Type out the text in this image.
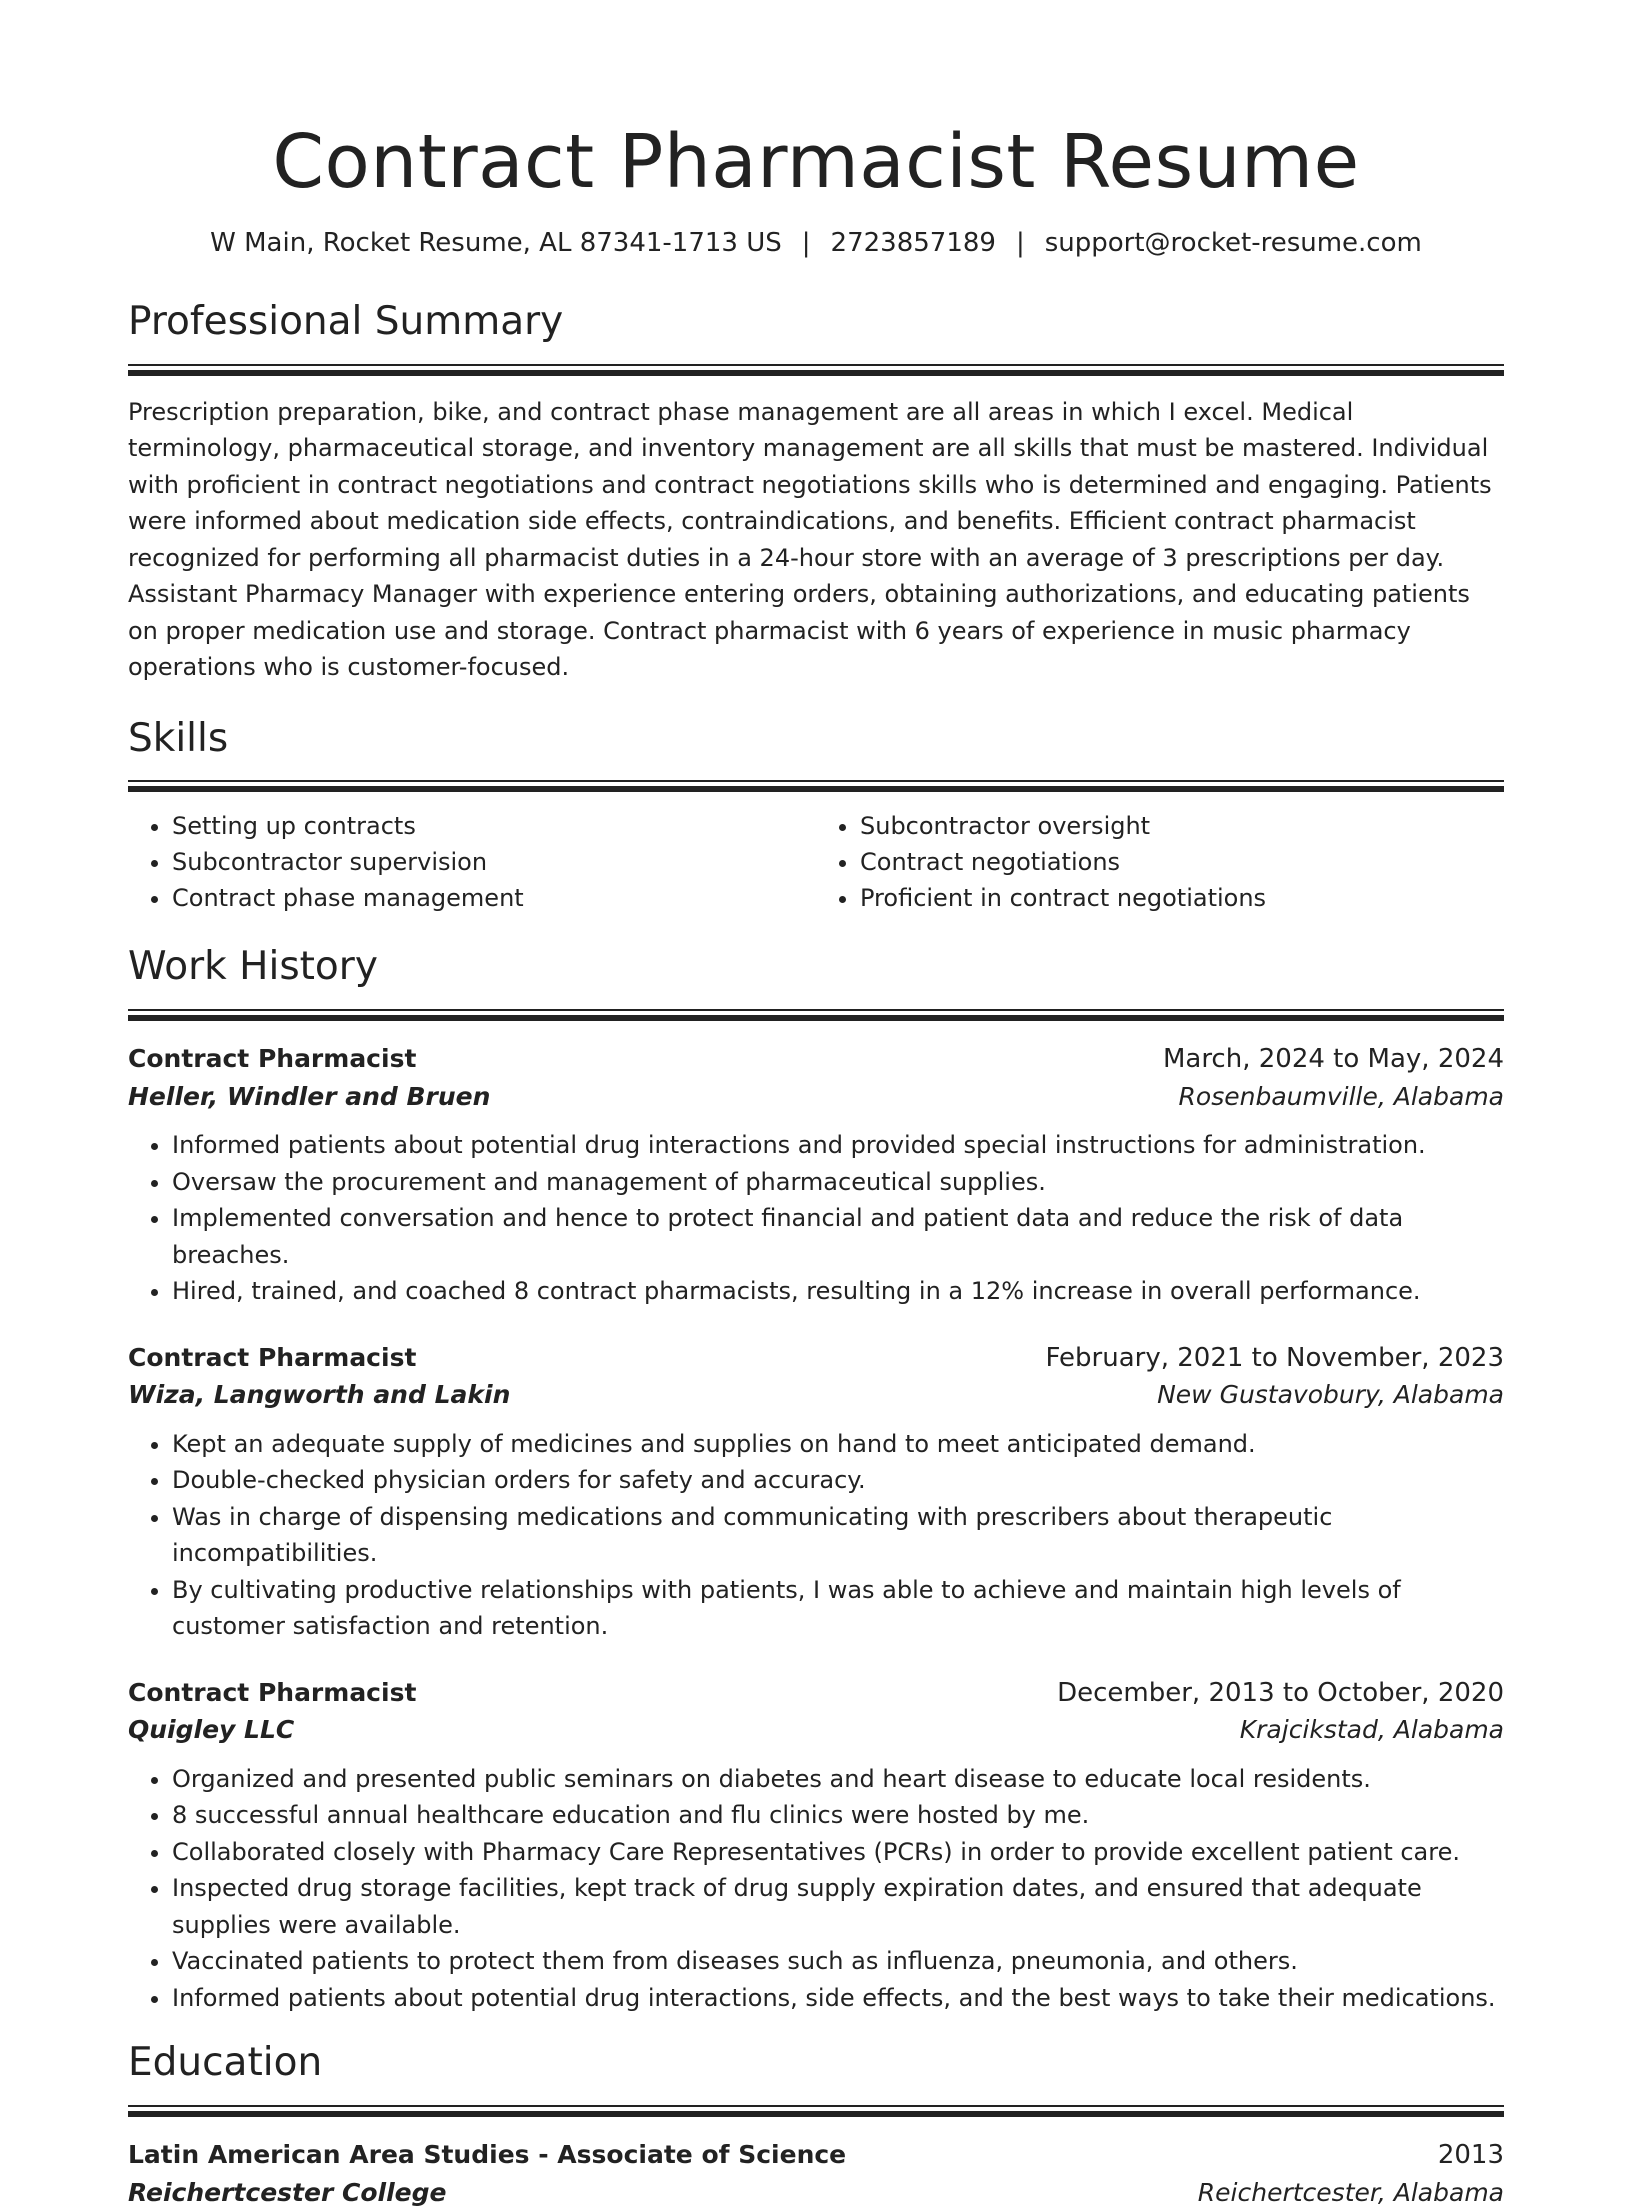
Contract Pharmacist Resume
W Main, Rocket Resume, AL 87341-1713 US | 2723857189 | support@rocket-resume.com
Professional Summary
Prescription preparation, bike, and contract phase management are all areas in which I excel. Medical terminology, pharmaceutical storage, and inventory management are all skills that must be mastered. Individual with proficient in contract negotiations and contract negotiations skills who is determined and engaging. Patients were informed about medication side effects, contraindications, and benefits. Efficient contract pharmacist recognized for performing all pharmacist duties in a 24-hour store with an average of 3 prescriptions per day. Assistant Pharmacy Manager with experience entering orders, obtaining authorizations, and educating patients on proper medication use and storage. Contract pharmacist with 6 years of experience in music pharmacy operations who is customer-focused.
Skills
• Setting up contracts
• Subcontractor supervision
• Contract phase management
• Subcontractor oversight
• Contract negotiations
• Proficient in contract negotiations
Work History
Contract Pharmacist	March, 2024 to May, 2024
Heller, Windler and Bruen	Rosenbaumville, Alabama
• Informed patients about potential drug interactions and provided special instructions for administration.
• Oversaw the procurement and management of pharmaceutical supplies.
• Implemented conversation and hence to protect financial and patient data and reduce the risk of data breaches.
• Hired, trained, and coached 8 contract pharmacists, resulting in a 12% increase in overall performance.
Contract Pharmacist	February, 2021 to November, 2023
Wiza, Langworth and Lakin	New Gustavobury, Alabama
• Kept an adequate supply of medicines and supplies on hand to meet anticipated demand.
• Double-checked physician orders for safety and accuracy.
• Was in charge of dispensing medications and communicating with prescribers about therapeutic incompatibilities.
• By cultivating productive relationships with patients, I was able to achieve and maintain high levels of customer satisfaction and retention.
Contract Pharmacist	December, 2013 to October, 2020
Quigley LLC	Krajcikstad, Alabama
• Organized and presented public seminars on diabetes and heart disease to educate local residents.
• 8 successful annual healthcare education and flu clinics were hosted by me.
• Collaborated closely with Pharmacy Care Representatives (PCRs) in order to provide excellent patient care.
• Inspected drug storage facilities, kept track of drug supply expiration dates, and ensured that adequate supplies were available.
• Vaccinated patients to protect them from diseases such as influenza, pneumonia, and others.
• Informed patients about potential drug interactions, side effects, and the best ways to take their medications.
Education
Latin American Area Studies - Associate of Science	2013
Reichertcester College	Reichertcester, Alabama
